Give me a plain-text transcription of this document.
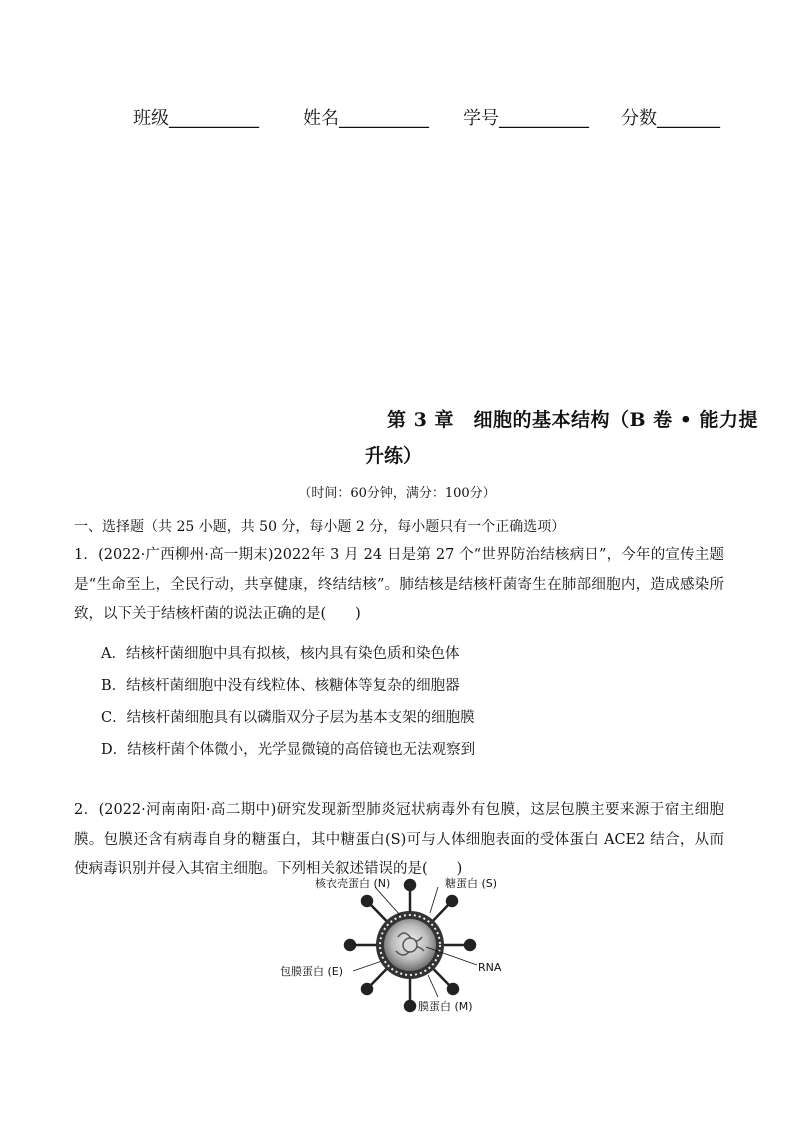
班级__________ 姓名__________ 学号__________ 分数_______
第 3 章　细胞的基本结构（B 卷 • 能力提
升练）
（时间：60分钟，满分：100分）
一、选择题（共 25 小题，共 50 分，每小题 2 分，每小题只有一个正确选项）
1．(2022·广西柳州·高一期末)2022年 3 月 24 日是第 27 个“世界防治结核病日”，今年的宣传主题是“生命至上，全民行动，共享健康，终结结核”。肺结核是结核杆菌寄生在肺部细胞内，造成感染所致，以下关于结核杆菌的说法正确的是(　　)
A．结核杆菌细胞中具有拟核，核内具有染色质和染色体
B．结核杆菌细胞中没有线粒体、核糖体等复杂的细胞器
C．结核杆菌细胞具有以磷脂双分子层为基本支架的细胞膜
D．结核杆菌个体微小，光学显微镜的高倍镜也无法观察到
2．(2022·河南南阳·高二期中)研究发现新型肺炎冠状病毒外有包膜，这层包膜主要来源于宿主细胞膜。包膜还含有病毒自身的糖蛋白，其中糖蛋白(S)可与人体细胞表面的受体蛋白 ACE2 结合，从而使病毒识别并侵入其宿主细胞。下列相关叙述错误的是(　　)
核衣壳蛋白 (N)	糖蛋白 (S)
包膜蛋白 (E)	RNA
膜蛋白 (M)
